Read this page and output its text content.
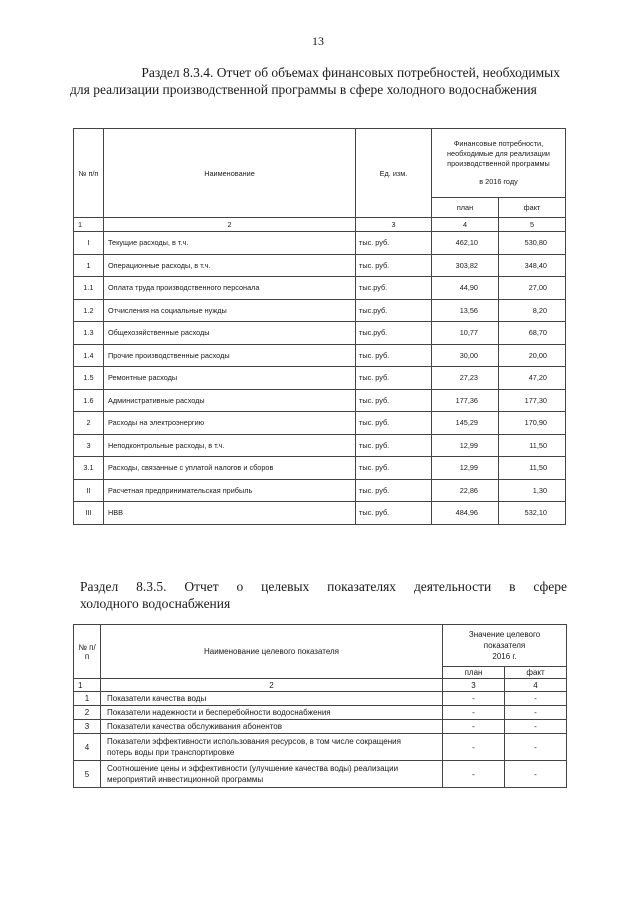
13
Раздел 8.3.4. Отчет об объемах финансовых потребностей, необходимых
для реализации производственной программы в сфере холодного водоснабжения
№ п/п	Наименование	Ед. изм.	Финансовые потребности,
необходимые для реализации
производственной программы
в 2016 году	

			план	факт
1	2	3	4	5
I	Текущие расходы, в т.ч.	тыс. руб.	462,10	530,80
1	Операционные расходы, в т.ч.	тыс. руб.	303,82	348,40
1.1	Оплата труда производственного персонала	тыс.руб.	44,90	27,00
1.2	Отчисления на социальные нужды	тыс.руб.	13,56	8,20
1.3	Общехозяйственные расходы	тыс.руб.	10,77	68,70
1.4	Прочие производственные расходы	тыс. руб.	30,00	20,00
1.5	Ремонтные расходы	тыс. руб.	27,23	47,20
1.6	Административные расходы	тыс. руб.	177,36	177,30
2	Расходы на электроэнергию	тыс. руб.	145,29	170,90
3	Неподконтрольные расходы, в т.ч.	тыс. руб.	12,99	11,50
3.1	Расходы, связанные с уплатой налогов и сборов	тыс. руб.	12,99	11,50
II	Расчетная предпринимательская прибыль	тыс. руб.	22,86	1,30
III	НВВ	тыс. руб.	484,96	532,10
Раздел 8.3.5. Отчет о целевых показателях деятельности в сфере
холодного водоснабжения
№ п/п	Наименование целевого показателя	Значение целевого
показателя
2016 г.	

		план	факт
1	2	3	4
1	Показатели качества воды	-	-
2	Показатели надежности и бесперебойности водоснабжения	-	-
3	Показатели качества обслуживания абонентов	-	-
4	Показатели эффективности использования ресурсов, в том числе сокращения
потерь воды при транспортировке	-	-
5	Соотношение цены и эффективности (улучшение качества воды) реализации
мероприятий инвестиционной программы	-	-
